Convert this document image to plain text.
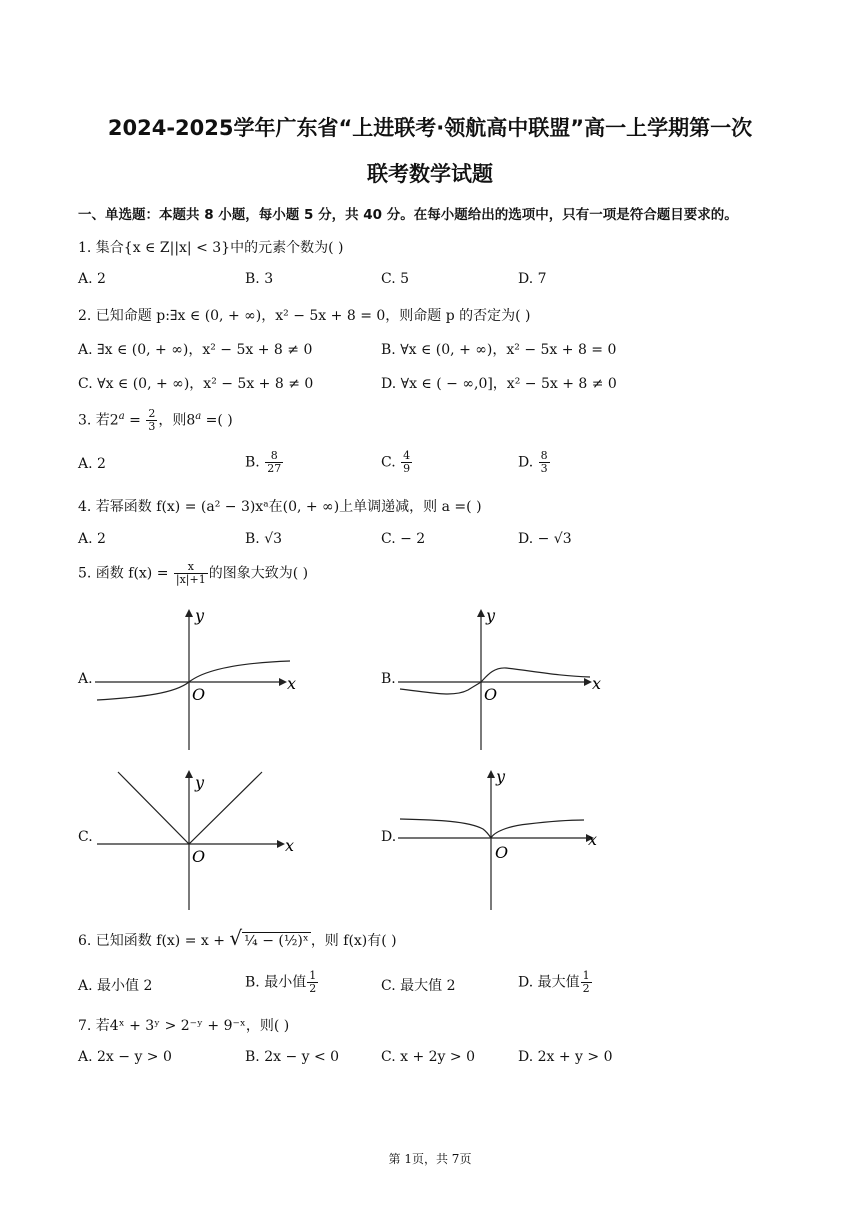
2024-2025学年广东省“上进联考·领航高中联盟”高一上学期第一次
联考数学试题
一、单选题：本题共 8 小题，每小题 5 分，共 40 分。在每小题给出的选项中，只有一项是符合题目要求的。
1. 集合{x ∈ Z||x| < 3}中的元素个数为( )
A. 2	B. 3	C. 5	D. 7
2. 已知命题 p:∃x ∈ (0, + ∞)，x² − 5x + 8 = 0，则命题 p 的否定为( )
A. ∃x ∈ (0, + ∞)，x² − 5x + 8 ≠ 0	B. ∀x ∈ (0, + ∞)，x² − 5x + 8 = 0
C. ∀x ∈ (0, + ∞)，x² − 5x + 8 ≠ 0	D. ∀x ∈ ( − ∞,0]，x² − 5x + 8 ≠ 0
3. 若$2^a = \frac{2}{3}$ ，则$8^a$ =( )
A. 2	B. $\frac{8}{27}$	C. $\frac{4}{9}$	D. $\frac{8}{3}$
4. 若幂函数 f(x) = (a² − 3)xᵃ在(0, + ∞)上单调递减，则 a =( )
A. 2	B. √3	C. − 2	D. − √3
5. 函数 $f(x) = \frac{x}{|x|+1}$ 的图象大致为( )
A.
y
x
O
B.
y
x
O
C.
y
x
O
D.
y
x
O
6. 已知函数 f(x) = x + √ ¼ − (½)ˣ ，则 f(x)有( )
A. 最小值 2	B. 最小值 $\frac{1}{2}$	C. 最大值 2	D. 最大值 $\frac{1}{2}$
7. 若4ˣ + 3ʸ > 2⁻ʸ + 9⁻ˣ，则( )
A. 2x − y > 0	B. 2x − y < 0	C. x + 2y > 0	D. 2x + y > 0
第 1页，共 7页
